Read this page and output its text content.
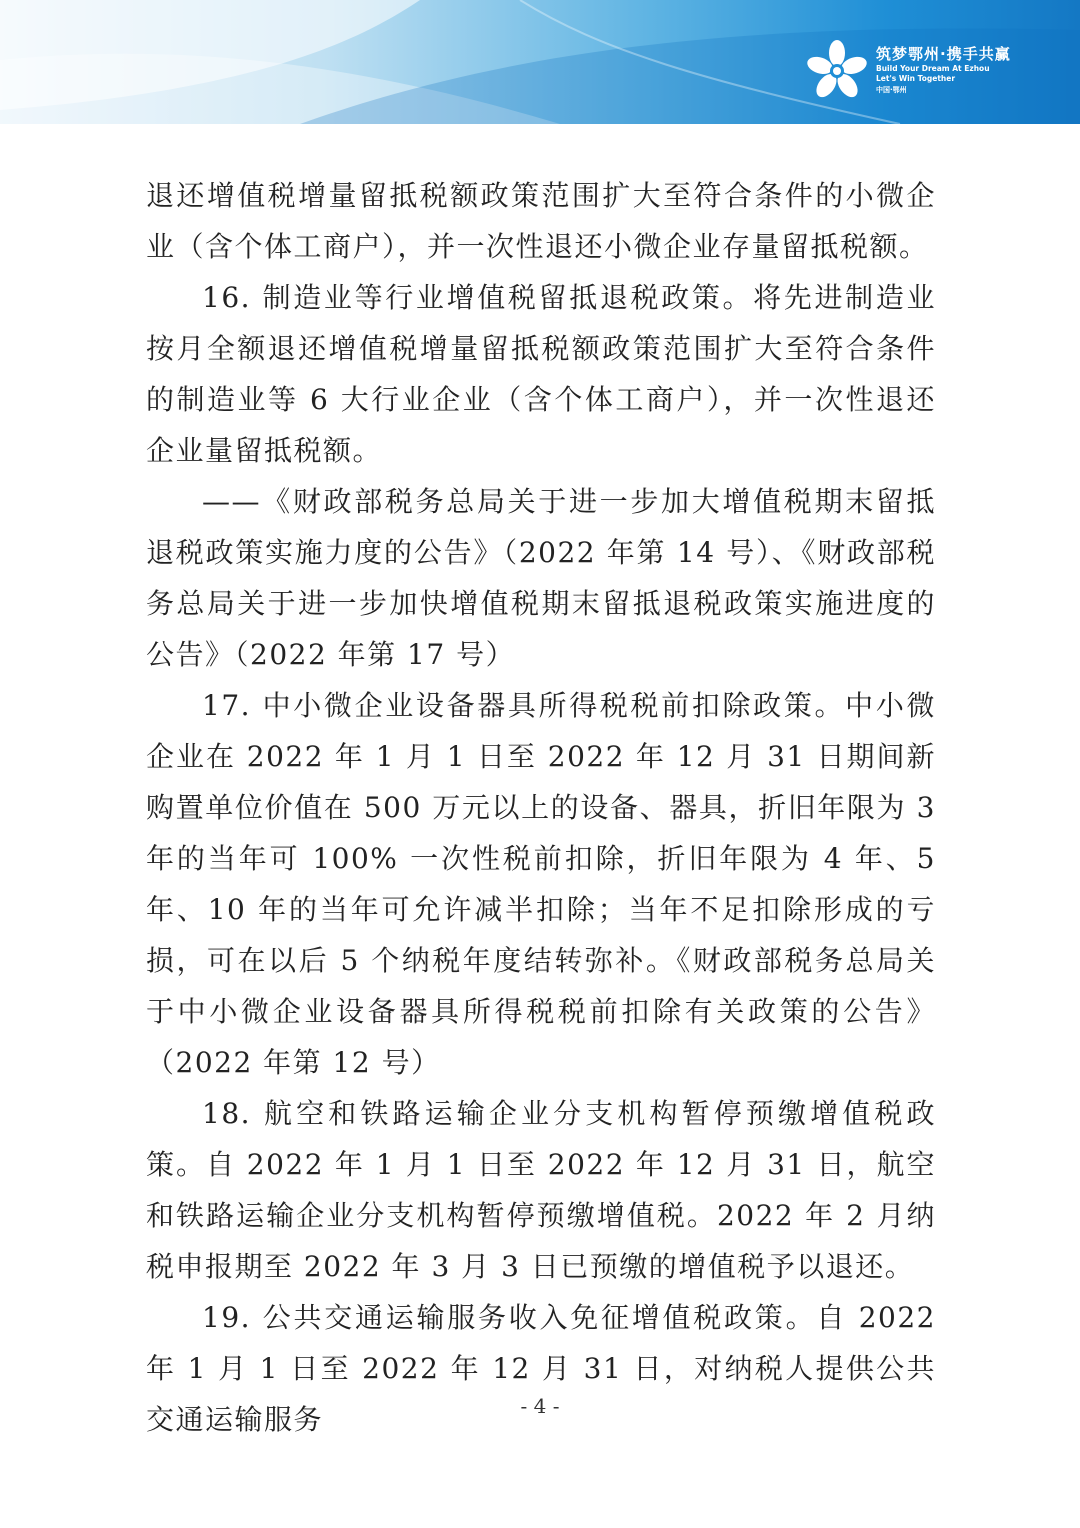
筑梦鄂州·携手共赢
Build Your Dream At Ezhou
Let's Win Together
中国·鄂州

退还增值税增量留抵税额政策范围扩大至符合条件的小微企业（含个体工商户），并一次性退还小微企业存量留抵税额。

16. 制造业等行业增值税留抵退税政策。将先进制造业按月全额退还增值税增量留抵税额政策范围扩大至符合条件的制造业等 6 大行业企业（含个体工商户），并一次性退还企业量留抵税额。

——《财政部税务总局关于进一步加大增值税期末留抵退税政策实施力度的公告》（2022 年第 14 号）、《财政部税务总局关于进一步加快增值税期末留抵退税政策实施进度的公告》（2022 年第 17 号）

17. 中小微企业设备器具所得税税前扣除政策。中小微企业在 2022 年 1 月 1 日至 2022 年 12 月 31 日期间新购置单位价值在 500 万元以上的设备、器具，折旧年限为 3 年的当年可 100% 一次性税前扣除，折旧年限为 4 年、5 年、10 年的当年可允许减半扣除；当年不足扣除形成的亏损，可在以后 5 个纳税年度结转弥补。《财政部税务总局关于中小微企业设备器具所得税税前扣除有关政策的公告》（2022 年第 12 号）

18. 航空和铁路运输企业分支机构暂停预缴增值税政策。自 2022 年 1 月 1 日至 2022 年 12 月 31 日，航空和铁路运输企业分支机构暂停预缴增值税。2022 年 2 月纳税申报期至 2022 年 3 月 3 日已预缴的增值税予以退还。

19. 公共交通运输服务收入免征增值税政策。自 2022 年 1 月 1 日至 2022 年 12 月 31 日，对纳税人提供公共交通运输服务	- 4 -
